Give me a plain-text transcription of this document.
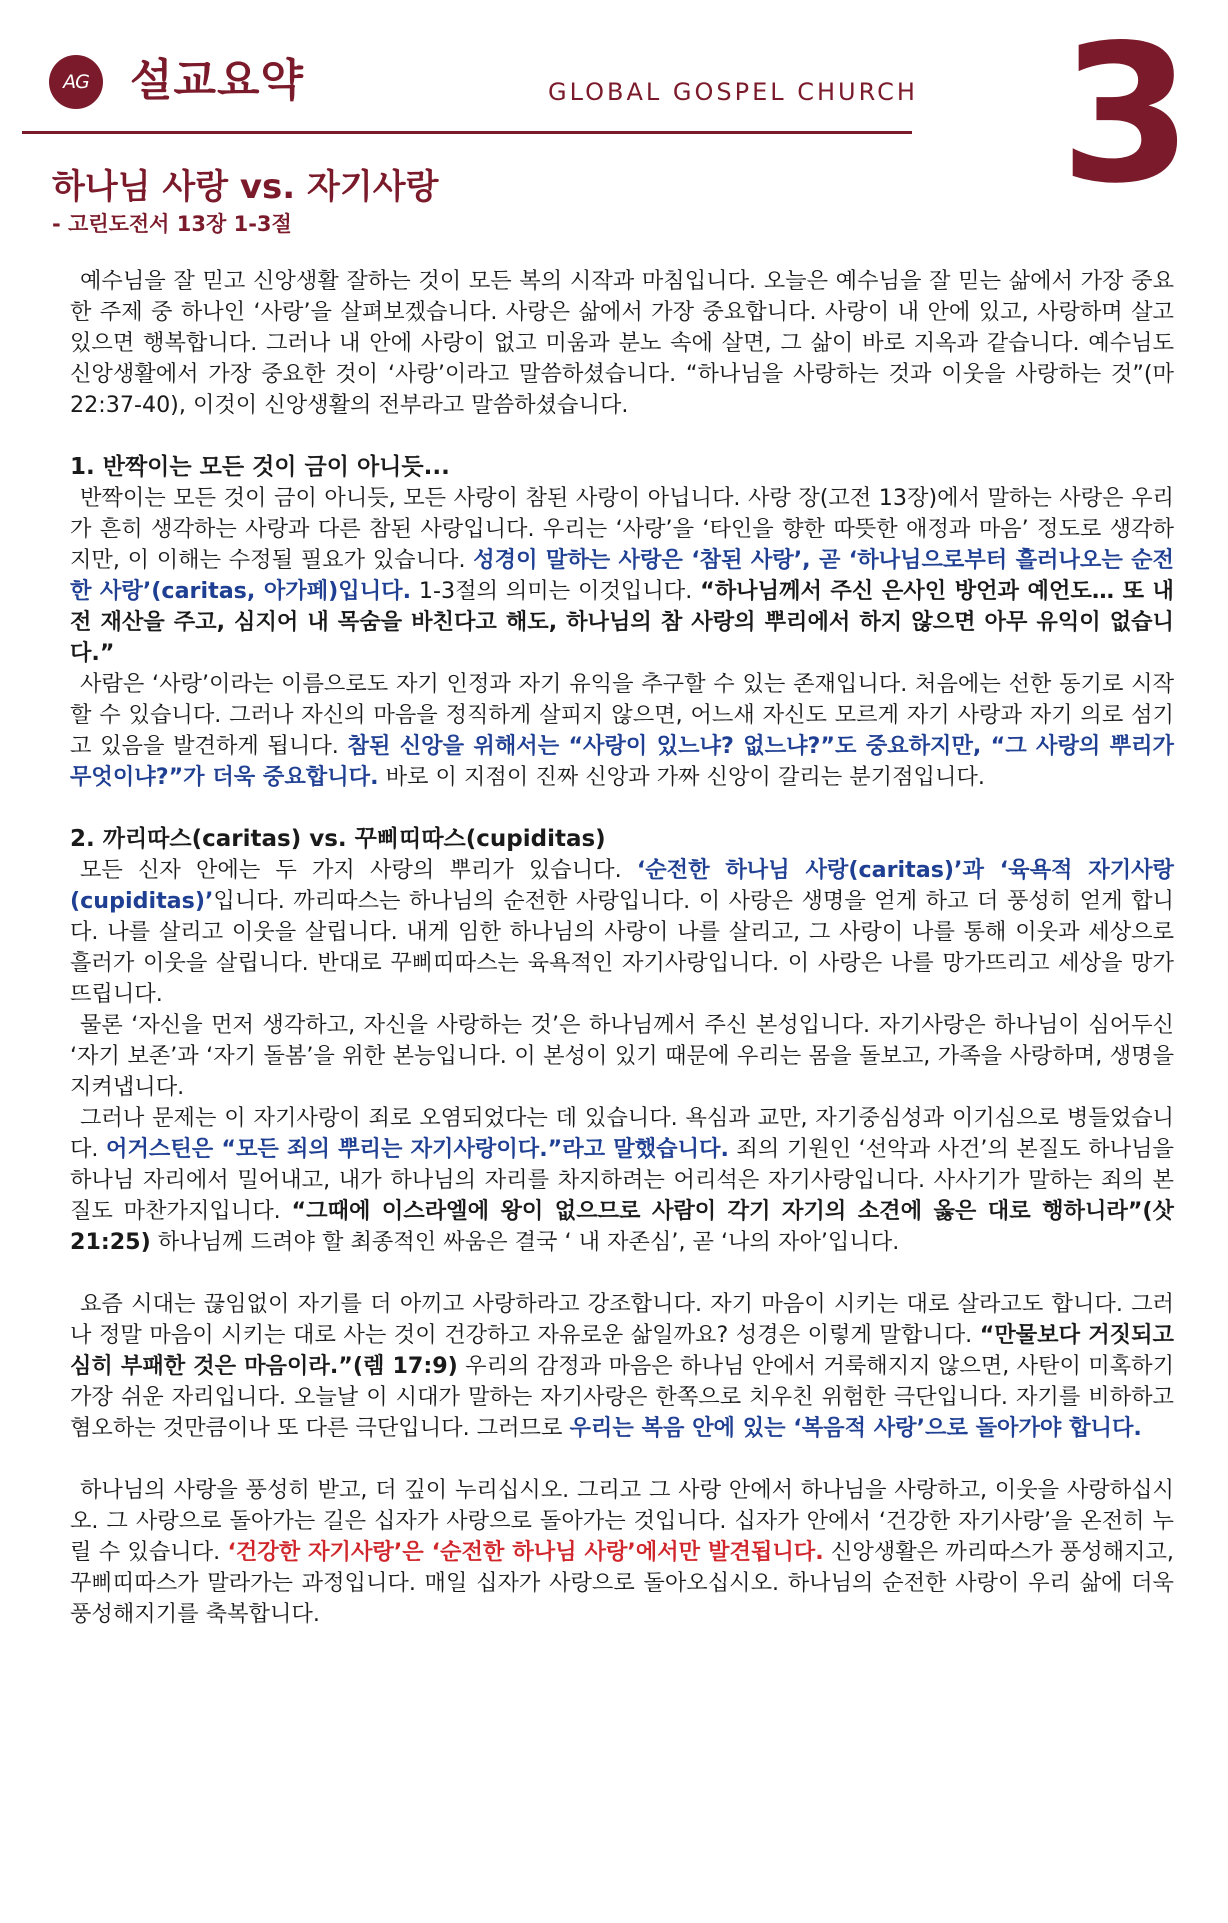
AG 설교요약	GLOBAL GOSPEL CHURCH 3
하나님 사랑 vs. 자기사랑
- 고린도전서 13장 1-3절

예수님을 잘 믿고 신앙생활 잘하는 것이 모든 복의 시작과 마침입니다. 오늘은 예수님을 잘 믿는 삶에서 가장 중요한 주제 중 하나인 ‘사랑’을 살펴보겠습니다. 사랑은 삶에서 가장 중요합니다. 사랑이 내 안에 있고, 사랑하며 살고 있으면 행복합니다. 그러나 내 안에 사랑이 없고 미움과 분노 속에 살면, 그 삶이 바로 지옥과 같습니다. 예수님도 신앙생활에서 가장 중요한 것이 ‘사랑’이라고 말씀하셨습니다. “하나님을 사랑하는 것과 이웃을 사랑하는 것”(마 22:37-40), 이것이 신앙생활의 전부라고 말씀하셨습니다.

1. 반짝이는 모든 것이 금이 아니듯...

반짝이는 모든 것이 금이 아니듯, 모든 사랑이 참된 사랑이 아닙니다. 사랑 장(고전 13장)에서 말하는 사랑은 우리가 흔히 생각하는 사랑과 다른 참된 사랑입니다. 우리는 ‘사랑’을 ‘타인을 향한 따뜻한 애정과 마음’ 정도로 생각하지만, 이 이해는 수정될 필요가 있습니다. 성경이 말하는 사랑은 ‘참된 사랑’, 곧 ‘하나님으로부터 흘러나오는 순전한 사랑’(caritas, 아가페)입니다. 1-3절의 의미는 이것입니다. “하나님께서 주신 은사인 방언과 예언도… 또 내 전 재산을 주고, 심지어 내 목숨을 바친다고 해도, 하나님의 참 사랑의 뿌리에서 하지 않으면 아무 유익이 없습니다.”

사람은 ‘사랑’이라는 이름으로도 자기 인정과 자기 유익을 추구할 수 있는 존재입니다. 처음에는 선한 동기로 시작할 수 있습니다. 그러나 자신의 마음을 정직하게 살피지 않으면, 어느새 자신도 모르게 자기 사랑과 자기 의로 섬기고 있음을 발견하게 됩니다. 참된 신앙을 위해서는 “사랑이 있느냐? 없느냐?”도 중요하지만, “그 사랑의 뿌리가 무엇이냐?”가 더욱 중요합니다. 바로 이 지점이 진짜 신앙과 가짜 신앙이 갈리는 분기점입니다.

2. 까리따스(caritas) vs. 꾸삐띠따스(cupiditas)

모든 신자 안에는 두 가지 사랑의 뿌리가 있습니다. ‘순전한 하나님 사랑(caritas)’과 ‘육욕적 자기사랑(cupiditas)’입니다. 까리따스는 하나님의 순전한 사랑입니다. 이 사랑은 생명을 얻게 하고 더 풍성히 얻게 합니다. 나를 살리고 이웃을 살립니다. 내게 임한 하나님의 사랑이 나를 살리고, 그 사랑이 나를 통해 이웃과 세상으로 흘러가 이웃을 살립니다. 반대로 꾸삐띠따스는 육욕적인 자기사랑입니다. 이 사랑은 나를 망가뜨리고 세상을 망가뜨립니다.

물론 ‘자신을 먼저 생각하고, 자신을 사랑하는 것’은 하나님께서 주신 본성입니다. 자기사랑은 하나님이 심어두신 ‘자기 보존’과 ‘자기 돌봄’을 위한 본능입니다. 이 본성이 있기 때문에 우리는 몸을 돌보고, 가족을 사랑하며, 생명을 지켜냅니다.

그러나 문제는 이 자기사랑이 죄로 오염되었다는 데 있습니다. 욕심과 교만, 자기중심성과 이기심으로 병들었습니다. 어거스틴은 “모든 죄의 뿌리는 자기사랑이다.”라고 말했습니다. 죄의 기원인 ‘선악과 사건’의 본질도 하나님을 하나님 자리에서 밀어내고, 내가 하나님의 자리를 차지하려는 어리석은 자기사랑입니다. 사사기가 말하는 죄의 본질도 마찬가지입니다. “그때에 이스라엘에 왕이 없으므로 사람이 각기 자기의 소견에 옳은 대로 행하니라”(삿 21:25) 하나님께 드려야 할 최종적인 싸움은 결국 ‘ 내 자존심’, 곧 ‘나의 자아’입니다.

요즘 시대는 끊임없이 자기를 더 아끼고 사랑하라고 강조합니다. 자기 마음이 시키는 대로 살라고도 합니다. 그러나 정말 마음이 시키는 대로 사는 것이 건강하고 자유로운 삶일까요? 성경은 이렇게 말합니다. “만물보다 거짓되고 심히 부패한 것은 마음이라.”(렘 17:9) 우리의 감정과 마음은 하나님 안에서 거룩해지지 않으면, 사탄이 미혹하기 가장 쉬운 자리입니다. 오늘날 이 시대가 말하는 자기사랑은 한쪽으로 치우친 위험한 극단입니다. 자기를 비하하고 혐오하는 것만큼이나 또 다른 극단입니다. 그러므로 우리는 복음 안에 있는 ‘복음적 사랑’으로 돌아가야 합니다.

하나님의 사랑을 풍성히 받고, 더 깊이 누리십시오. 그리고 그 사랑 안에서 하나님을 사랑하고, 이웃을 사랑하십시오. 그 사랑으로 돌아가는 길은 십자가 사랑으로 돌아가는 것입니다. 십자가 안에서 ‘건강한 자기사랑’을 온전히 누릴 수 있습니다. ‘건강한 자기사랑’은 ‘순전한 하나님 사랑’에서만 발견됩니다. 신앙생활은 까리따스가 풍성해지고, 꾸삐띠따스가 말라가는 과정입니다. 매일 십자가 사랑으로 돌아오십시오. 하나님의 순전한 사랑이 우리 삶에 더욱 풍성해지기를 축복합니다.
